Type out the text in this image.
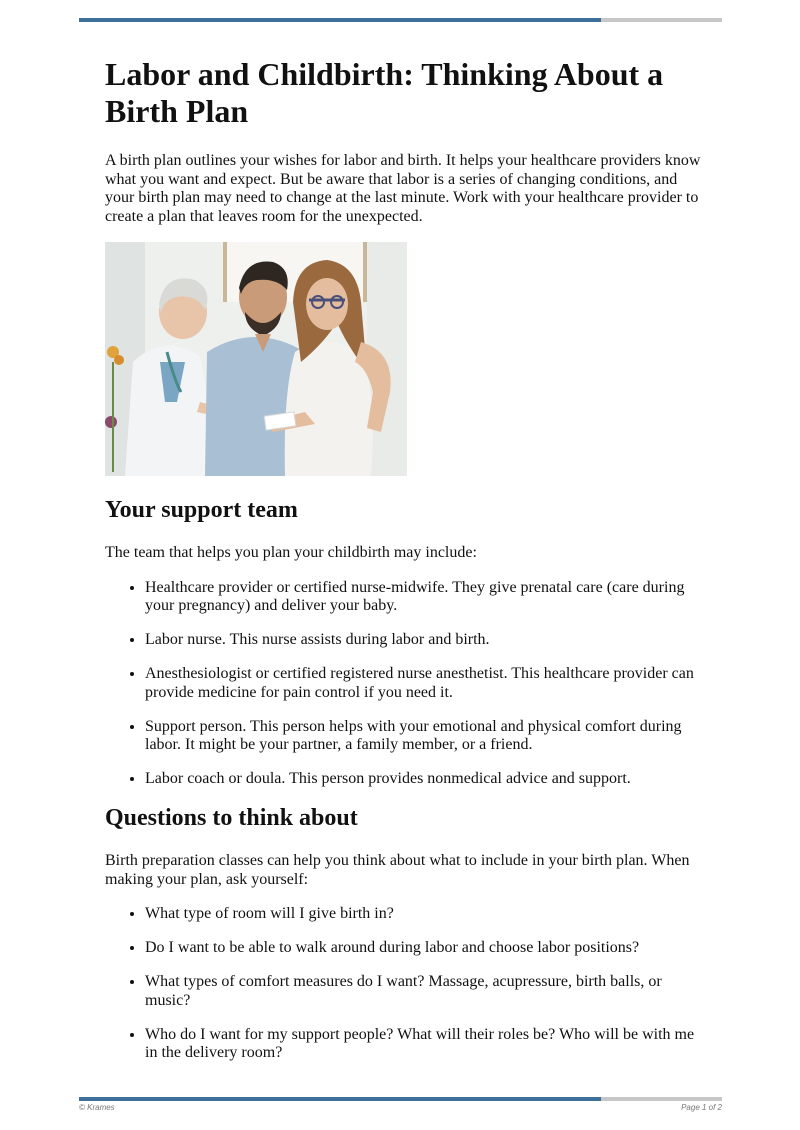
Labor and Childbirth: Thinking About a Birth Plan

A birth plan outlines your wishes for labor and birth. It helps your healthcare providers know what you want and expect. But be aware that labor is a series of changing conditions, and your birth plan may need to change at the last minute. Work with your healthcare provider to create a plan that leaves room for the unexpected.

Your support team

The team that helps you plan your childbirth may include:

• Healthcare provider or certified nurse-midwife. They give prenatal care (care during your pregnancy) and deliver your baby.
• Labor nurse. This nurse assists during labor and birth.
• Anesthesiologist or certified registered nurse anesthetist. This healthcare provider can provide medicine for pain control if you need it.
• Support person. This person helps with your emotional and physical comfort during labor. It might be your partner, a family member, or a friend.
• Labor coach or doula. This person provides nonmedical advice and support.
Questions to think about

Birth preparation classes can help you think about what to include in your birth plan. When making your plan, ask yourself:

• What type of room will I give birth in?
• Do I want to be able to walk around during labor and choose labor positions?
• What types of comfort measures do I want? Massage, acupressure, birth balls, or music?
• Who do I want for my support people? What will their roles be? Who will be with me in the delivery room?
© Krames	Page 1 of 2
